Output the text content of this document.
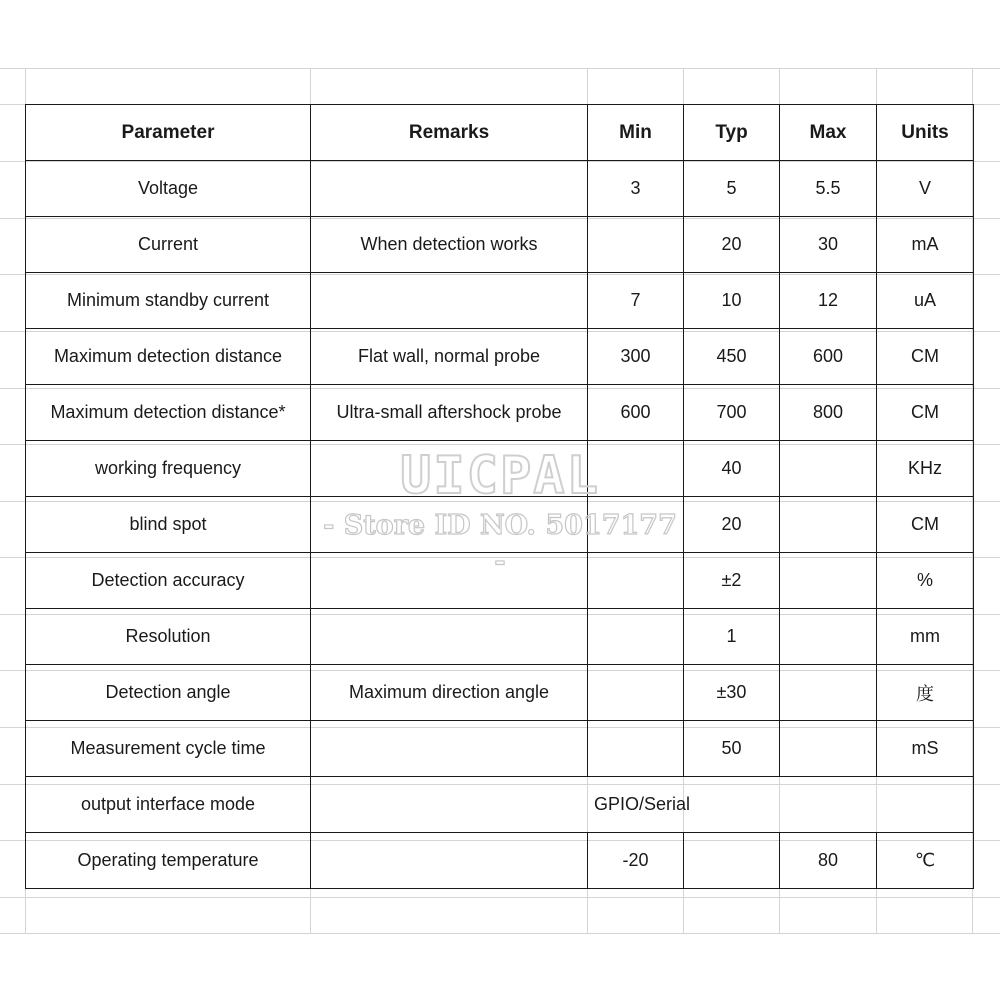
Parameter	Remarks	Min	Typ	Max	Units
Voltage		3	5	5.5	V
Current	When detection works		20	30	mA
Minimum standby current		7	10	12	uA
Maximum detection distance	Flat wall, normal probe	300	450	600	CM
Maximum detection distance*	Ultra-small aftershock probe	600	700	800	CM
working frequency			40		KHz
blind spot			20		CM
Detection accuracy			±2		%
Resolution			1		mm
Detection angle	Maximum direction angle		±30		度
Measurement cycle time			50		mS
output interface mode	GPIO/Serial				
Operating temperature		-20		80	℃
UICPAL
- Store ID NO. 5017177 -
